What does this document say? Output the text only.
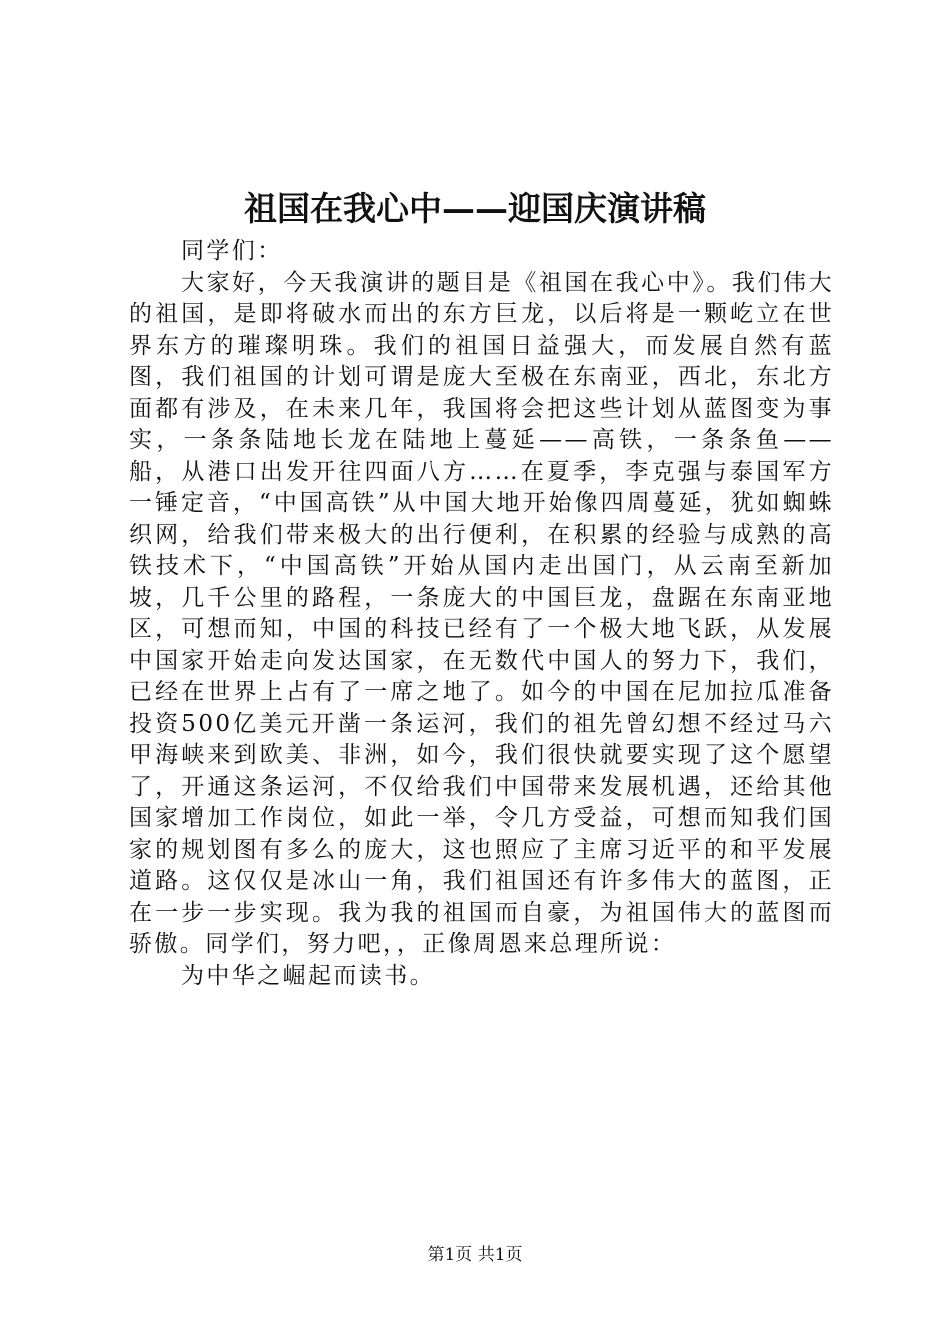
祖国在我心中——迎国庆演讲稿

同学们：

大家好，今天我演讲的题目是《祖国在我心中》。我们伟大的祖国，是即将破水而出的东方巨龙，以后将是一颗屹立在世界东方的璀璨明珠。我们的祖国日益强大，而发展自然有蓝图，我们祖国的计划可谓是庞大至极在东南亚，西北，东北方面都有涉及，在未来几年，我国将会把这些计划从蓝图变为事实，一条条陆地长龙在陆地上蔓延——高铁，一条条鱼——船，从港口出发开往四面八方……在夏季，李克强与泰国军方一锤定音，“中国高铁”从中国大地开始像四周蔓延，犹如蜘蛛织网，给我们带来极大的出行便利，在积累的经验与成熟的高铁技术下，“中国高铁”开始从国内走出国门，从云南至新加坡，几千公里的路程，一条庞大的中国巨龙，盘踞在东南亚地区，可想而知，中国的科技已经有了一个极大地飞跃，从发展中国家开始走向发达国家，在无数代中国人的努力下，我们，已经在世界上占有了一席之地了。如今的中国在尼加拉瓜准备投资500亿美元开凿一条运河，我们的祖先曾幻想不经过马六甲海峡来到欧美、非洲，如今，我们很快就要实现了这个愿望了，开通这条运河，不仅给我们中国带来发展机遇，还给其他国家增加工作岗位，如此一举，令几方受益，可想而知我们国家的规划图有多么的庞大，这也照应了主席习近平的和平发展道路。这仅仅是冰山一角，我们祖国还有许多伟大的蓝图，正在一步一步实现。我为我的祖国而自豪，为祖国伟大的蓝图而骄傲。同学们，努力吧，，正像周恩来总理所说：

为中华之崛起而读书。

第1页 共1页
